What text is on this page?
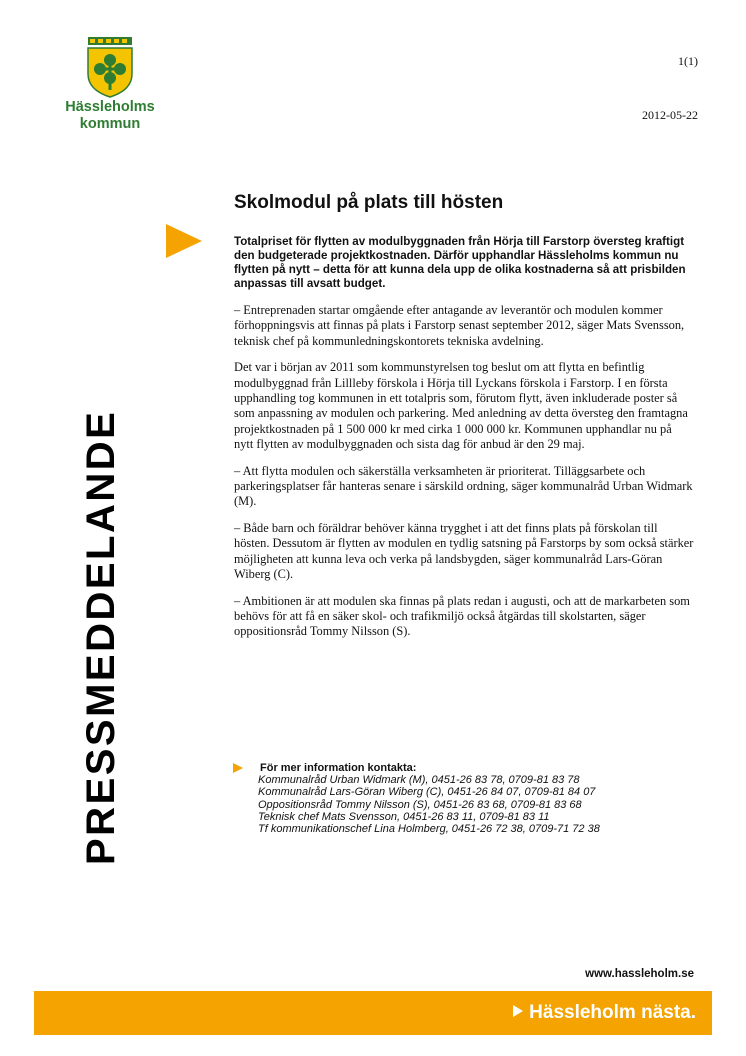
Hässleholms
kommun
1(1)
2012-05-22
PRESSMEDDELANDE
Skolmodul på plats till hösten

Totalpriset för flytten av modulbyggnaden från Hörja till Farstorp översteg kraftigt den budgeterade projektkostnaden. Därför upphandlar Hässleholms kommun nu flytten på nytt – detta för att kunna dela upp de olika kostnaderna så att prisbilden anpassas till avsatt budget.

– Entreprenaden startar omgående efter antagande av leverantör och modulen kommer förhoppningsvis att finnas på plats i Farstorp senast september 2012, säger Mats Svensson, teknisk chef på kommunledningskontorets tekniska avdelning.

Det var i början av 2011 som kommunstyrelsen tog beslut om att flytta en befintlig modulbyggnad från Lillleby förskola i Hörja till Lyckans förskola i Farstorp. I en första upphandling tog kommunen in ett totalpris som, förutom flytt, även inkluderade poster så som anpassning av modulen och parkering. Med anledning av detta översteg den framtagna projektkostnaden på 1 500 000 kr med cirka 1 000 000 kr. Kommunen upphandlar nu på nytt flytten av modulbyggnaden och sista dag för anbud är den 29 maj.

– Att flytta modulen och säkerställa verksamheten är prioriterat. Tilläggsarbete och parkeringsplatser får hanteras senare i särskild ordning, säger kommunalråd Urban Widmark (M).

– Både barn och föräldrar behöver känna trygghet i att det finns plats på förskolan till hösten. Dessutom är flytten av modulen en tydlig satsning på Farstorps by som också stärker möjligheten att kunna leva och verka på landsbygden, säger kommunalråd Lars-Göran Wiberg (C).

– Ambitionen är att modulen ska finnas på plats redan i augusti, och att de markarbeten som behövs för att få en säker skol- och trafikmiljö också åtgärdas till skolstarten, säger oppositionsråd Tommy Nilsson (S).

För mer information kontakta:
Kommunalråd Urban Widmark (M), 0451-26 83 78, 0709-81 83 78
Kommunalråd Lars-Göran Wiberg (C), 0451-26 84 07, 0709-81 84 07
Oppositionsråd Tommy Nilsson (S), 0451-26 83 68, 0709-81 83 68
Teknisk chef Mats Svensson, 0451-26 83 11, 0709-81 83 11
Tf kommunikationschef Lina Holmberg, 0451-26 72 38, 0709-71 72 38
www.hassleholm.se
Hässleholm nästa.
